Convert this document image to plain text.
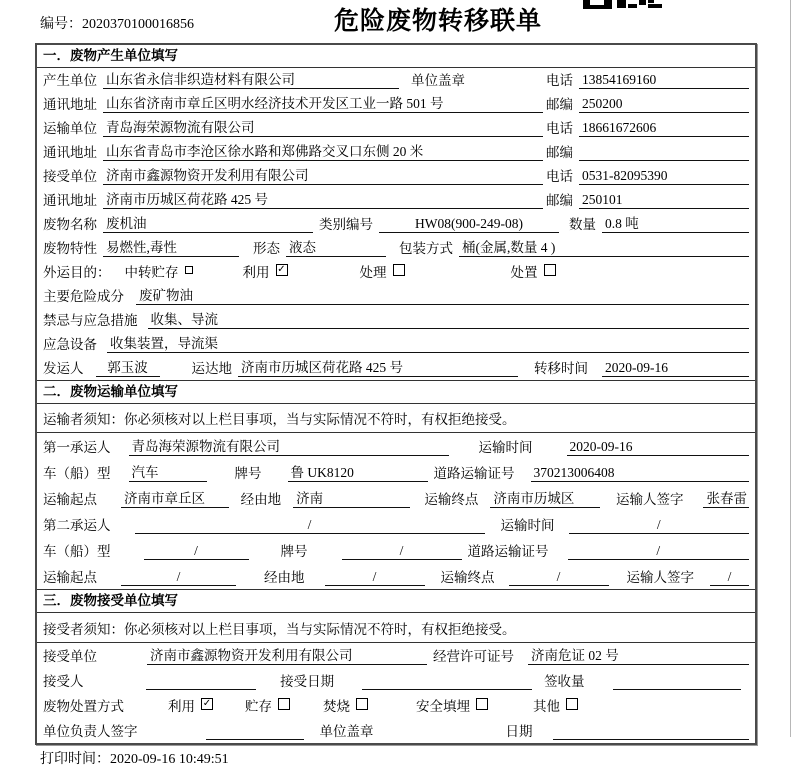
编号：2020370100016856	危险废物转移联单
一．废物产生单位填写
产生单位 山东省永信非织造材料有限公司	单位盖章	电话 13854169160
通讯地址 山东省济南市章丘区明水经济技术开发区工业一路 501 号	邮编 250200
运输单位 青岛海荣源物流有限公司	电话 18661672606
通讯地址 山东省青岛市李沧区徐水路和郑佛路交叉口东侧 20 米	邮编
接受单位 济南市鑫源物资开发利用有限公司	电话 0531-82095390
通讯地址 济南市历城区荷花路 425 号	邮编 250101
废物名称 废机油	类别编号	HW08(900-249-08)	数量 0.8 吨
废物特性 易燃性,毒性	形态 液态	包装方式 桶(金属,数量 4 )
外运目的： 中转贮存	利用 ✓	处理	处置
主要危险成分 废矿物油
禁忌与应急措施 收集、导流
应急设备 收集装置，导流渠
发运人	郭玉波	运达地 济南市历城区荷花路 425 号	转移时间 2020-09-16
二．废物运输单位填写
运输者须知：你必须核对以上栏目事项，当与实际情况不符时，有权拒绝接受。
第一承运人 青岛海荣源物流有限公司	运输时间	2020-09-16
车（船）型 汽车	牌号 鲁 UK8120	道路运输证号 370213006408
运输起点 济南市章丘区	经由地 济南	运输终点 济南市历城区	运输人签字 张春雷
第二承运人	/	运输时间	/
车（船）型	/	牌号	/	道路运输证号	/
运输起点	/	经由地	/	运输终点	/	运输人签字	/
三．废物接受单位填写
接受者须知：你必须核对以上栏目事项，当与实际情况不符时，有权拒绝接受。
接受单位	济南市鑫源物资开发利用有限公司	经营许可证号 济南危证 02 号
接受人	接受日期	签收量
废物处置方式	利用 ✓	贮存	焚烧	安全填埋	其他
单位负责人签字	单位盖章	日期
打印时间：2020-09-16 10:49:51
